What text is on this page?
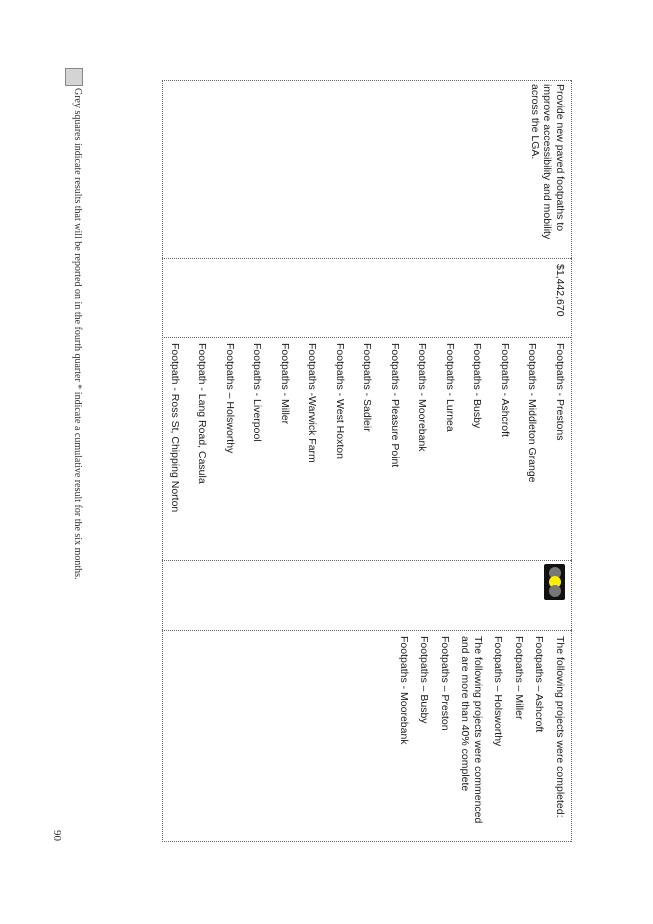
Provide new paved footpaths to improve accessibility and mobility across the LGA.
$1,442,670
Footpaths - Prestons
Footpaths - Middleton Grange
Footpaths - Ashcroft
Footpaths - Busby
Footpaths - Lurnea
Footpaths - Moorebank
Footpaths - Pleasure Point
Footpaths - Sadleir
Footpaths - West Hoxton
Footpaths -Warwick Farm
Footpaths - Miller
Footpaths - Liverpool
Footpaths – Holsworthy
Footpath - Lang Road, Casula
Footpath - Ross St, Chipping Norton
The following projects were completed:
Footpaths – Ashcroft
Footpaths – Miller
Footpaths – Holsworthy
The following projects were commenced and are more than 40% complete
Footpaths – Preston
Footpaths – Busby
Footpaths - Moorebank
Grey squares indicate results that will be reported on in the fourth quarter * indicate a cumulative result for the six months.
90
